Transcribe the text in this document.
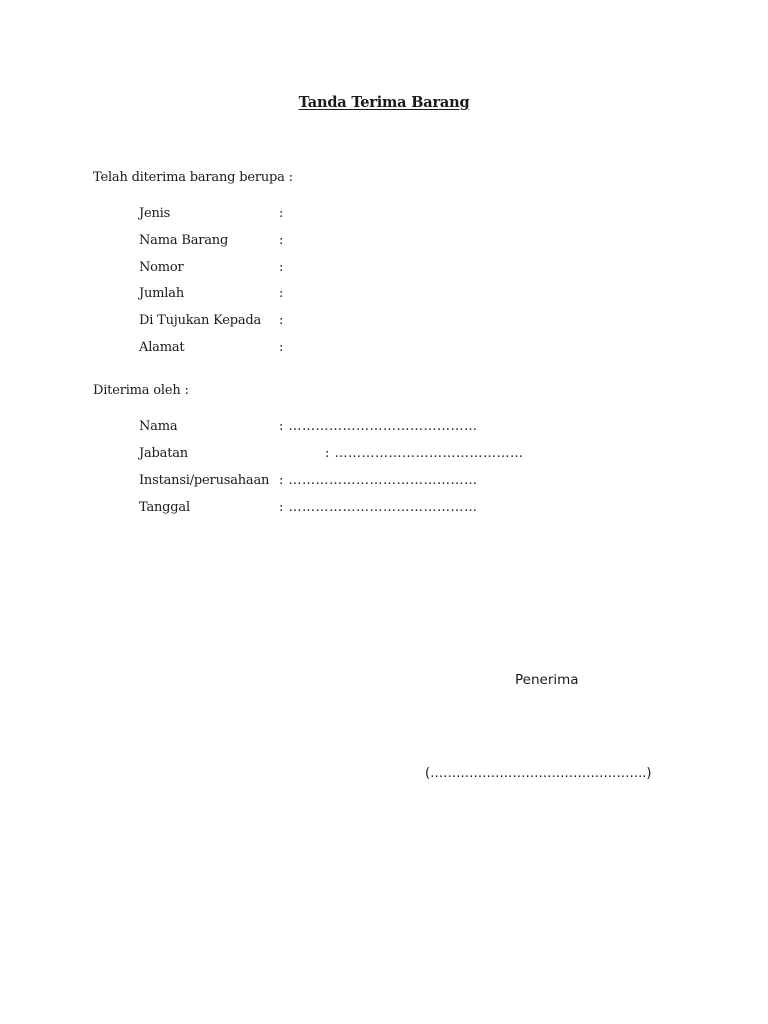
Tanda Terima Barang
Telah diterima barang berupa :
Jenis	:
Nama Barang	:
Nomor	:
Jumlah	:
Di Tujukan Kepada :
Alamat	:
Diterima oleh :
Nama	: ……………………………………
Jabatan	: ……………………………………
Instansi/perusahaan : ……………………………………
Tanggal	: ……………………………………
Penerima
(…………………………………………..)
